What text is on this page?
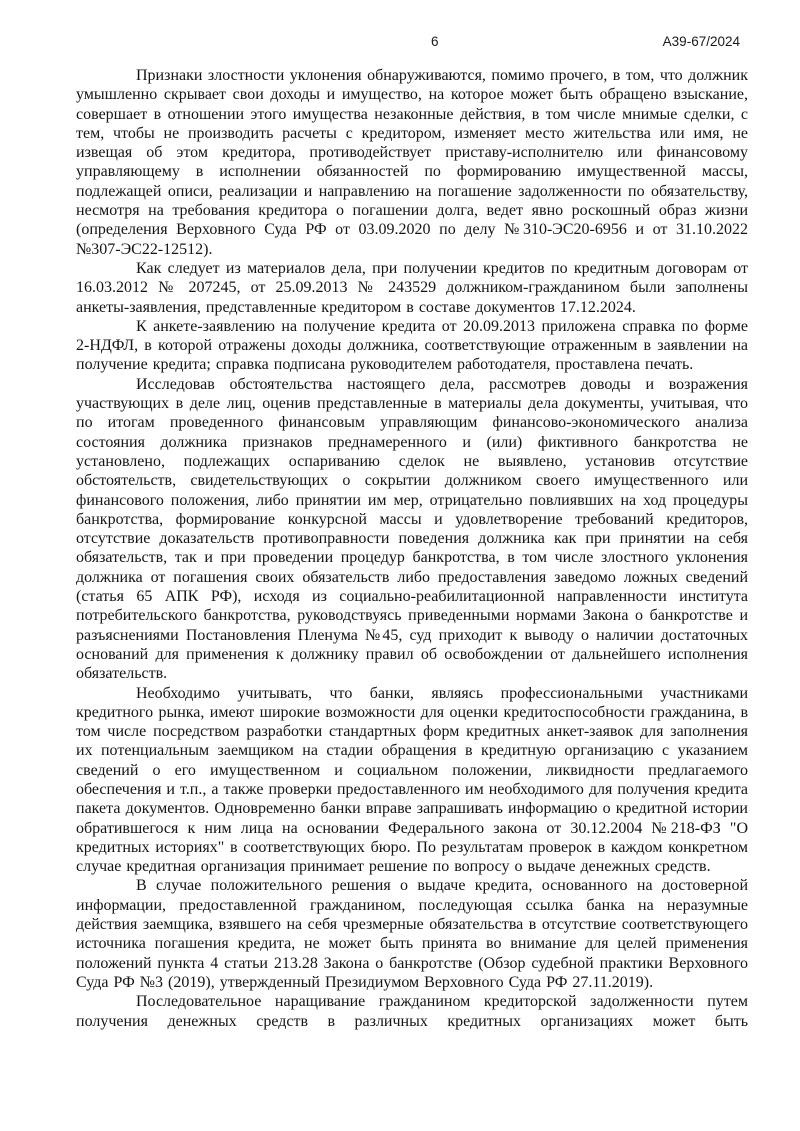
6	А39-67/2024

Признаки злостности уклонения обнаруживаются, помимо прочего, в том, что должник умышленно скрывает свои доходы и имущество, на которое может быть обращено взыскание, совершает в отношении этого имущества незаконные действия, в том числе мнимые сделки, с тем, чтобы не производить расчеты с кредитором, изменяет место жительства или имя, не извещая об этом кредитора, противодействует приставу-исполнителю или финансовому управляющему в исполнении обязанностей по формированию имущественной массы, подлежащей описи, реализации и направлению на погашение задолженности по обязательству, несмотря на требования кредитора о погашении долга, ведет явно роскошный образ жизни (определения Верховного Суда РФ от 03.09.2020 по делу №310-ЭС20-6956 и от 31.10.2022 №307-ЭС22-12512).

Как следует из материалов дела, при получении кредитов по кредитным договорам от 16.03.2012 № 207245, от 25.09.2013 № 243529 должником-гражданином были заполнены анкеты-заявления, представленные кредитором в составе документов 17.12.2024.

К анкете-заявлению на получение кредита от 20.09.2013 приложена справка по форме 2-НДФЛ, в которой отражены доходы должника, соответствующие отраженным в заявлении на получение кредита; справка подписана руководителем работодателя, проставлена печать.

Исследовав обстоятельства настоящего дела, рассмотрев доводы и возражения участвующих в деле лиц, оценив представленные в материалы дела документы, учитывая, что по итогам проведенного финансовым управляющим финансово-экономического анализа состояния должника признаков преднамеренного и (или) фиктивного банкротства не установлено, подлежащих оспариванию сделок не выявлено, установив отсутствие обстоятельств, свидетельствующих о сокрытии должником своего имущественного или финансового положения, либо принятии им мер, отрицательно повлиявших на ход процедуры банкротства, формирование конкурсной массы и удовлетворение требований кредиторов, отсутствие доказательств противоправности поведения должника как при принятии на себя обязательств, так и при проведении процедур банкротства, в том числе злостного уклонения должника от погашения своих обязательств либо предоставления заведомо ложных сведений (статья 65 АПК РФ), исходя из социально-реабилитационной направленности института потребительского банкротства, руководствуясь приведенными нормами Закона о банкротстве и разъяснениями Постановления Пленума №45, суд приходит к выводу о наличии достаточных оснований для применения к должнику правил об освобождении от дальнейшего исполнения обязательств.

Необходимо учитывать, что банки, являясь профессиональными участниками кредитного рынка, имеют широкие возможности для оценки кредитоспособности гражданина, в том числе посредством разработки стандартных форм кредитных анкет-заявок для заполнения их потенциальным заемщиком на стадии обращения в кредитную организацию с указанием сведений о его имущественном и социальном положении, ликвидности предлагаемого обеспечения и т.п., а также проверки предоставленного им необходимого для получения кредита пакета документов. Одновременно банки вправе запрашивать информацию о кредитной истории обратившегося к ним лица на основании Федерального закона от 30.12.2004 №218-ФЗ "О кредитных историях" в соответствующих бюро. По результатам проверок в каждом конкретном случае кредитная организация принимает решение по вопросу о выдаче денежных средств.

В случае положительного решения о выдаче кредита, основанного на достоверной информации, предоставленной гражданином, последующая ссылка банка на неразумные действия заемщика, взявшего на себя чрезмерные обязательства в отсутствие соответствующего источника погашения кредита, не может быть принята во внимание для целей применения положений пункта 4 статьи 213.28 Закона о банкротстве (Обзор судебной практики Верховного Суда РФ №3 (2019), утвержденный Президиумом Верховного Суда РФ 27.11.2019).

Последовательное наращивание гражданином кредиторской задолженности путем получения денежных средств в различных кредитных организациях может быть
